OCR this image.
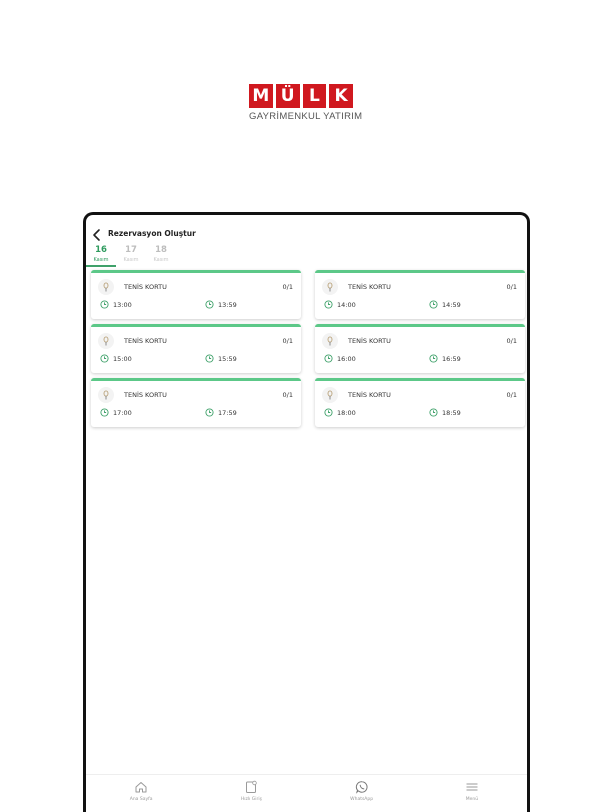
M Ü L K
GAYRİMENKUL YATIRIM
Rezervasyon Oluştur
16
Kasım
17
Kasım
18
Kasım
TENİS KORTU	0/1
13:00	13:59
TENİS KORTU	0/1
14:00	14:59
TENİS KORTU	0/1
15:00	15:59
TENİS KORTU	0/1
16:00	16:59
TENİS KORTU	0/1
17:00	17:59
TENİS KORTU	0/1
18:00	18:59
Ana Sayfa	Hızlı Giriş	WhatsApp	Menü
